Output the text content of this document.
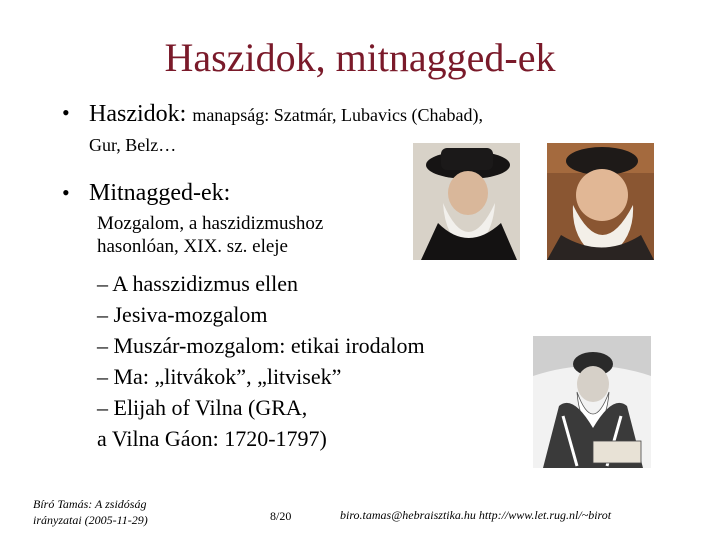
Haszidok, mitnagged-ek
• Haszidok: manapság: Szatmár, Lubavics (Chabad),
Gur, Belz…
• Mitnagged-ek:
Mozgalom, a haszidizmushoz
hasonlóan, XIX. sz. eleje
– A hasszidizmus ellen
– Jesiva-mozgalom
– Muszár-mozgalom: etikai irodalom
– Ma: „litvákok”, „litvisek”
– Elijah of Vilna (GRA,
a Vilna Gáon: 1720-1797)
Bíró Tamás: A zsidóság
irányzatai (2005-11-29)	8/20	biro.tamas@hebraisztika.hu http://www.let.rug.nl/~birot
